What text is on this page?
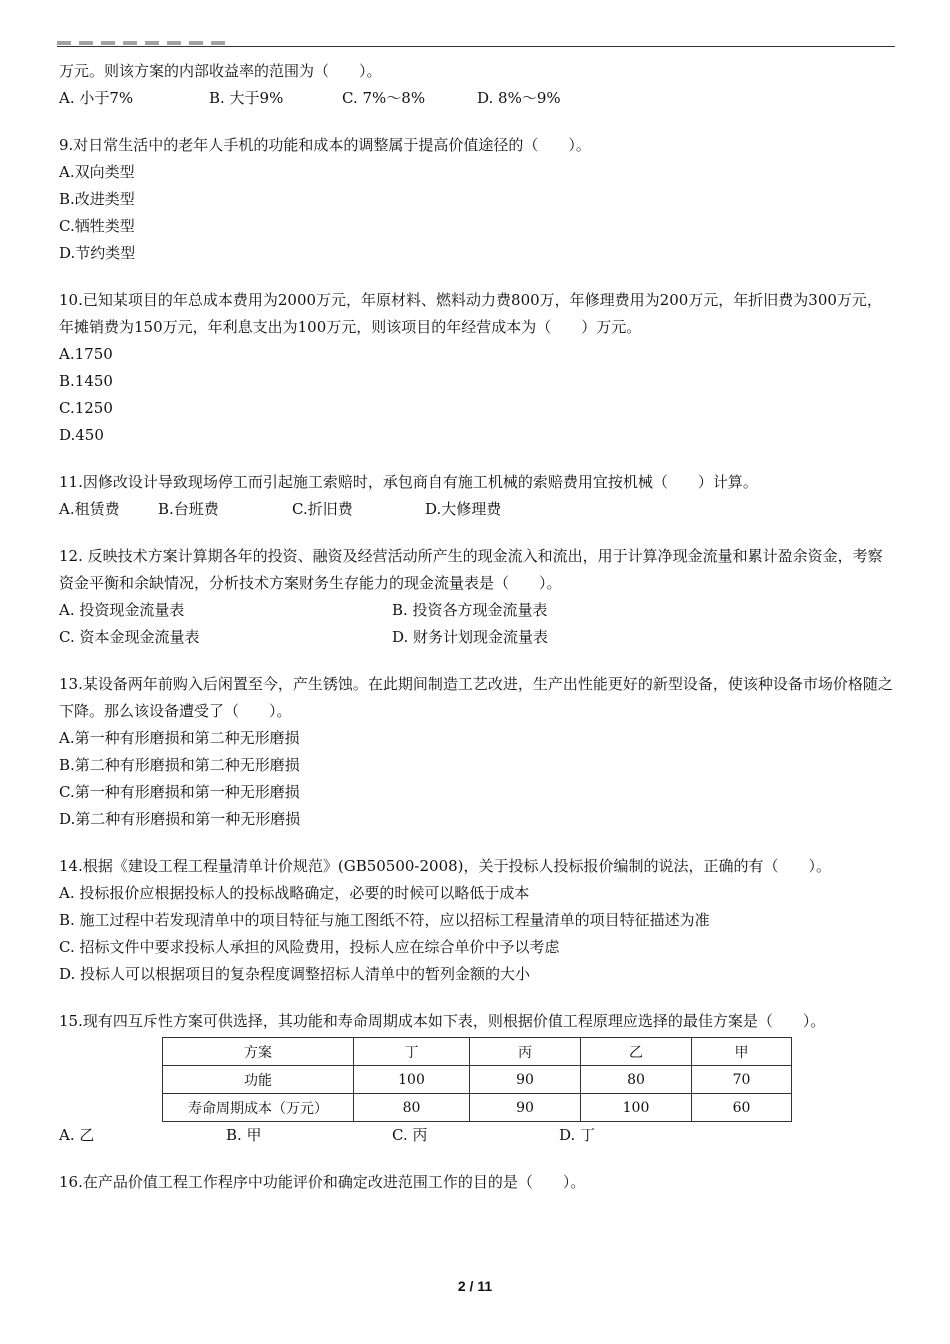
万元。则该方案的内部收益率的范围为（　　）。
A. 小于7%	B. 大于9%	C. 7%～8%	D. 8%～9%
9.对日常生活中的老年人手机的功能和成本的调整属于提高价值途径的（　　）。
A.双向类型
B.改进类型
C.牺牲类型
D.节约类型
10.已知某项目的年总成本费用为2000万元，年原材料、燃料动力费800万，年修理费用为200万元，年折旧费为300万元，年摊销费为150万元，年利息支出为100万元，则该项目的年经营成本为（　　）万元。
A.1750
B.1450
C.1250
D.450
11.因修改设计导致现场停工而引起施工索赔时，承包商自有施工机械的索赔费用宜按机械（　　）计算。
A.租赁费	B.台班费	C.折旧费	D.大修理费
12. 反映技术方案计算期各年的投资、融资及经营活动所产生的现金流入和流出，用于计算净现金流量和累计盈余资金，考察资金平衡和余缺情况，分析技术方案财务生存能力的现金流量表是（　　）。
A. 投资现金流量表	B. 投资各方现金流量表
C. 资本金现金流量表	D. 财务计划现金流量表
13.某设备两年前购入后闲置至今，产生锈蚀。在此期间制造工艺改进，生产出性能更好的新型设备，使该种设备市场价格随之下降。那么该设备遭受了（　　）。
A.第一种有形磨损和第二种无形磨损
B.第二种有形磨损和第二种无形磨损
C.第一种有形磨损和第一种无形磨损
D.第二种有形磨损和第一种无形磨损
14.根据《建设工程工程量清单计价规范》(GB50500-2008)，关于投标人投标报价编制的说法，正确的有（　　）。
A. 投标报价应根据投标人的投标战略确定，必要的时候可以略低于成本
B. 施工过程中若发现清单中的项目特征与施工图纸不符，应以招标工程量清单的项目特征描述为准
C. 招标文件中要求投标人承担的风险费用，投标人应在综合单价中予以考虑
D. 投标人可以根据项目的复杂程度调整招标人清单中的暂列金额的大小
15.现有四互斥性方案可供选择，其功能和寿命周期成本如下表，则根据价值工程原理应选择的最佳方案是（　　）。
方案	丁	丙	乙	甲
功能	100	90	80	70
寿命周期成本（万元）	80	90	100	60
A. 乙	B. 甲	C. 丙	D. 丁
16.在产品价值工程工作程序中功能评价和确定改进范围工作的目的是（　　）。
2 / 11
